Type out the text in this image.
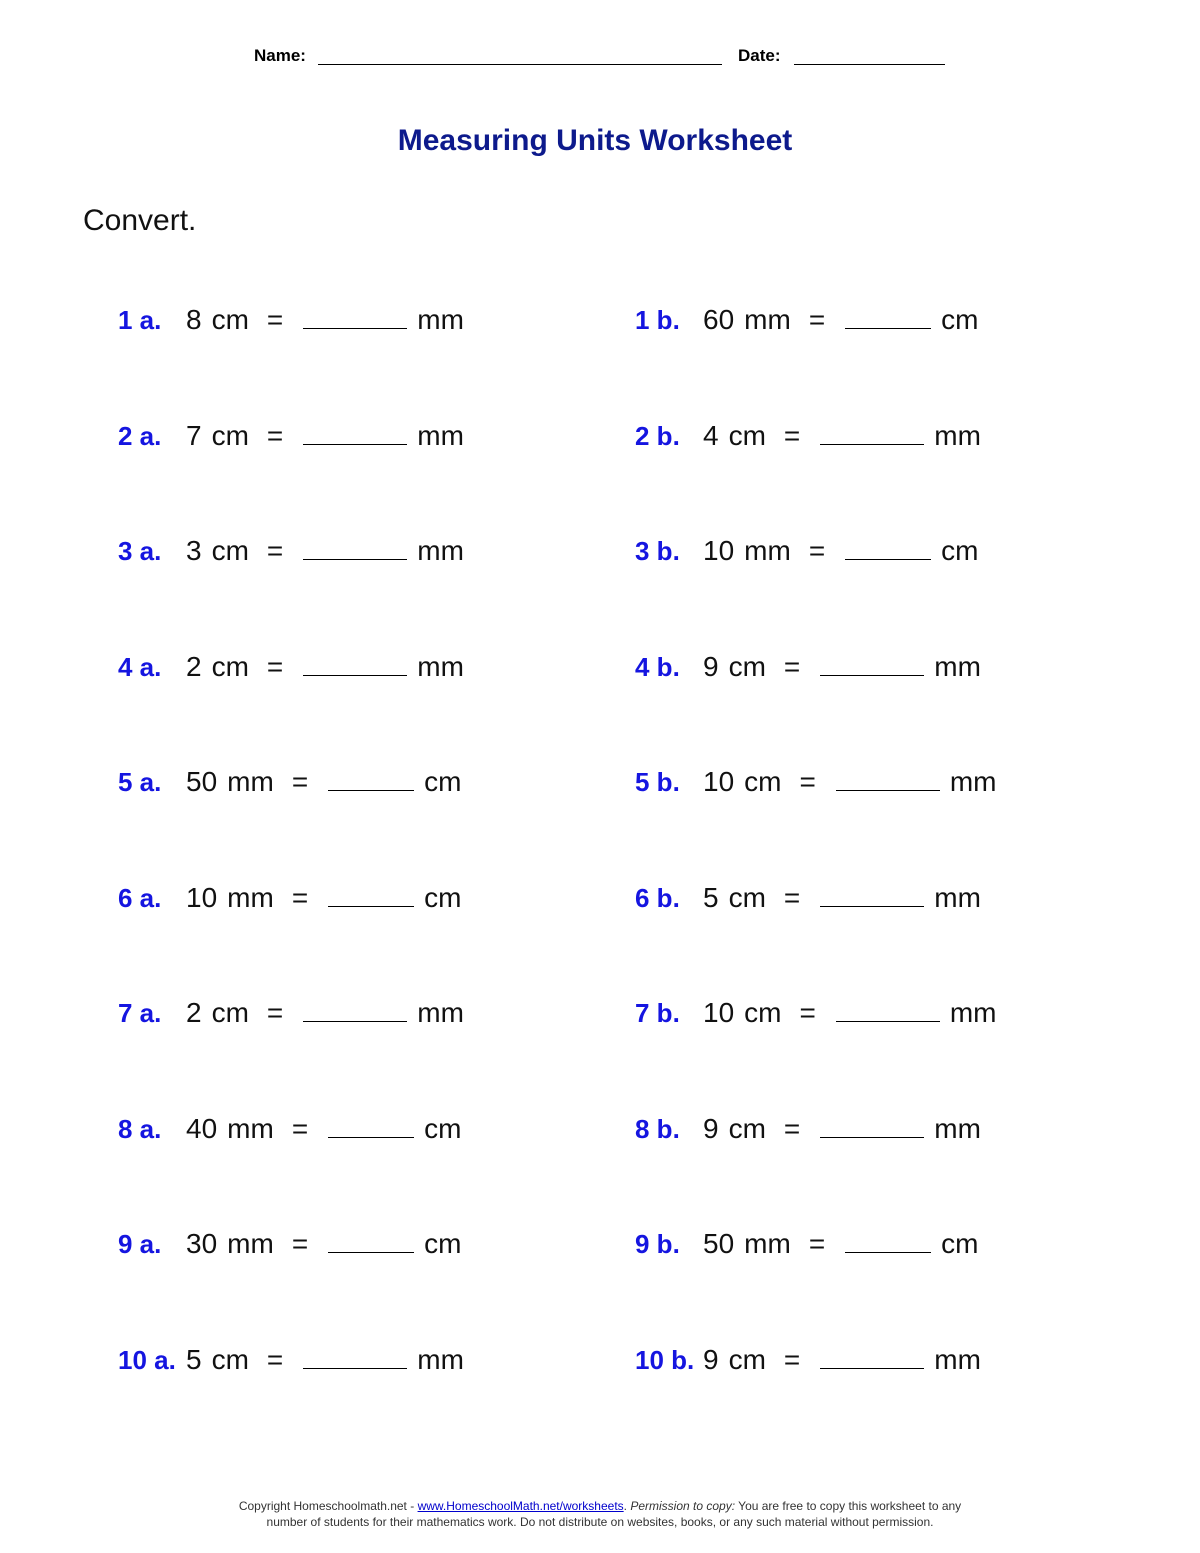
Name:	Date:
Measuring Units Worksheet
Convert.
1 a. 8 cm =	mm
2 a. 7 cm =	mm
3 a. 3 cm =	mm
4 a. 2 cm =	mm
5 a. 50 mm =	cm
6 a. 10 mm =	cm
7 a. 2 cm =	mm
8 a. 40 mm =	cm
9 a. 30 mm =	cm
10 a. 5 cm =	mm
1 b. 60 mm =	cm
2 b. 4 cm =	mm
3 b. 10 mm =	cm
4 b. 9 cm =	mm
5 b. 10 cm =	mm
6 b. 5 cm =	mm
7 b. 10 cm =	mm
8 b. 9 cm =	mm
9 b. 50 mm =	cm
10 b. 9 cm =	mm
Copyright Homeschoolmath.net - www.HomeschoolMath.net/worksheets. Permission to copy: You are free to copy this worksheet to any
number of students for their mathematics work. Do not distribute on websites, books, or any such material without permission.
